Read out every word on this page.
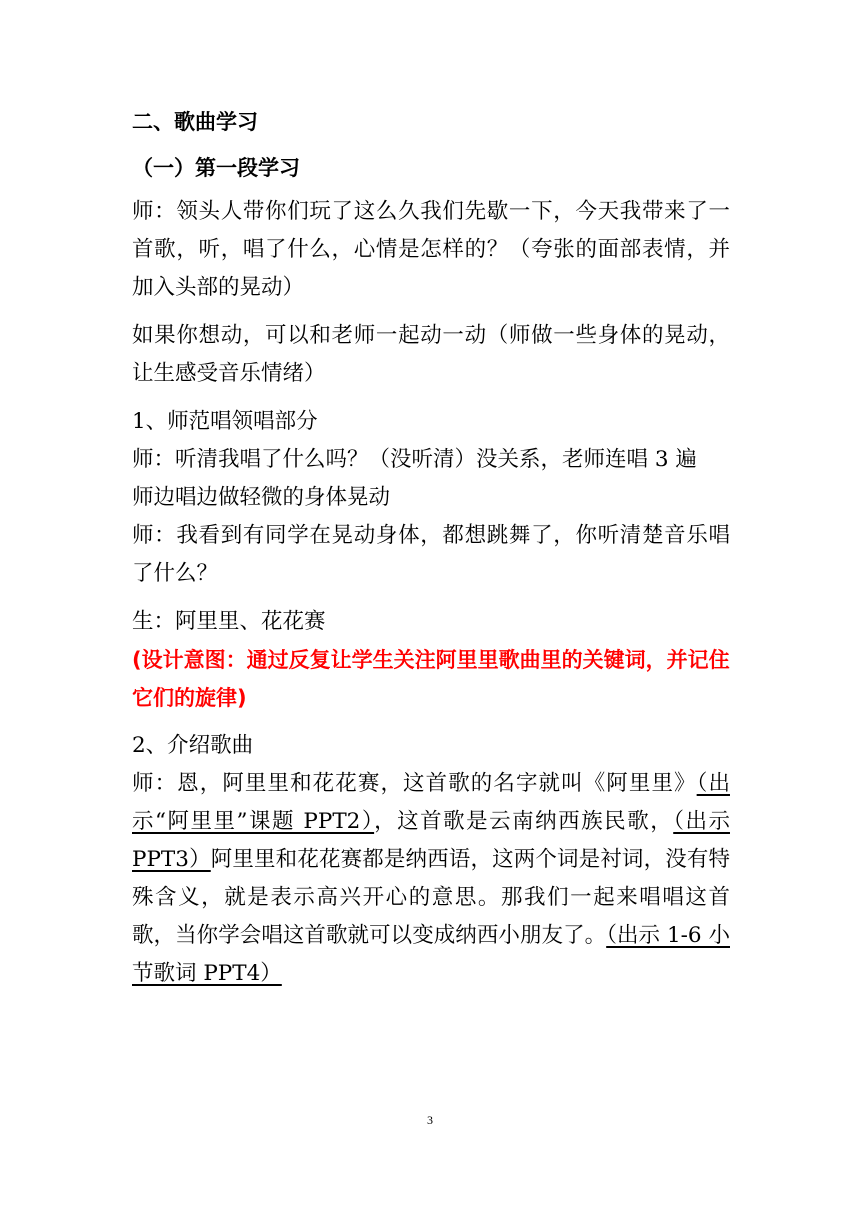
二、歌曲学习

（一）第一段学习

师：领头人带你们玩了这么久我们先歇一下，今天我带来了一首歌，听，唱了什么，心情是怎样的？（夸张的面部表情，并加入头部的晃动）

如果你想动，可以和老师一起动一动（师做一些身体的晃动，让生感受音乐情绪）

1、师范唱领唱部分

师：听清我唱了什么吗？（没听清）没关系，老师连唱 3 遍

师边唱边做轻微的身体晃动

师：我看到有同学在晃动身体，都想跳舞了，你听清楚音乐唱了什么？

生：阿里里、花花赛

(设计意图：通过反复让学生关注阿里里歌曲里的关键词，并记住它们的旋律)

2、介绍歌曲

师：恩，阿里里和花花赛，这首歌的名字就叫《阿里里》（出示“阿里里”课题 PPT2），这首歌是云南纳西族民歌，（出示 PPT3）阿里里和花花赛都是纳西语，这两个词是衬词，没有特殊含义，就是表示高兴开心的意思。那我们一起来唱唱这首歌，当你学会唱这首歌就可以变成纳西小朋友了。（出示 1-6 小节歌词 PPT4）

3
